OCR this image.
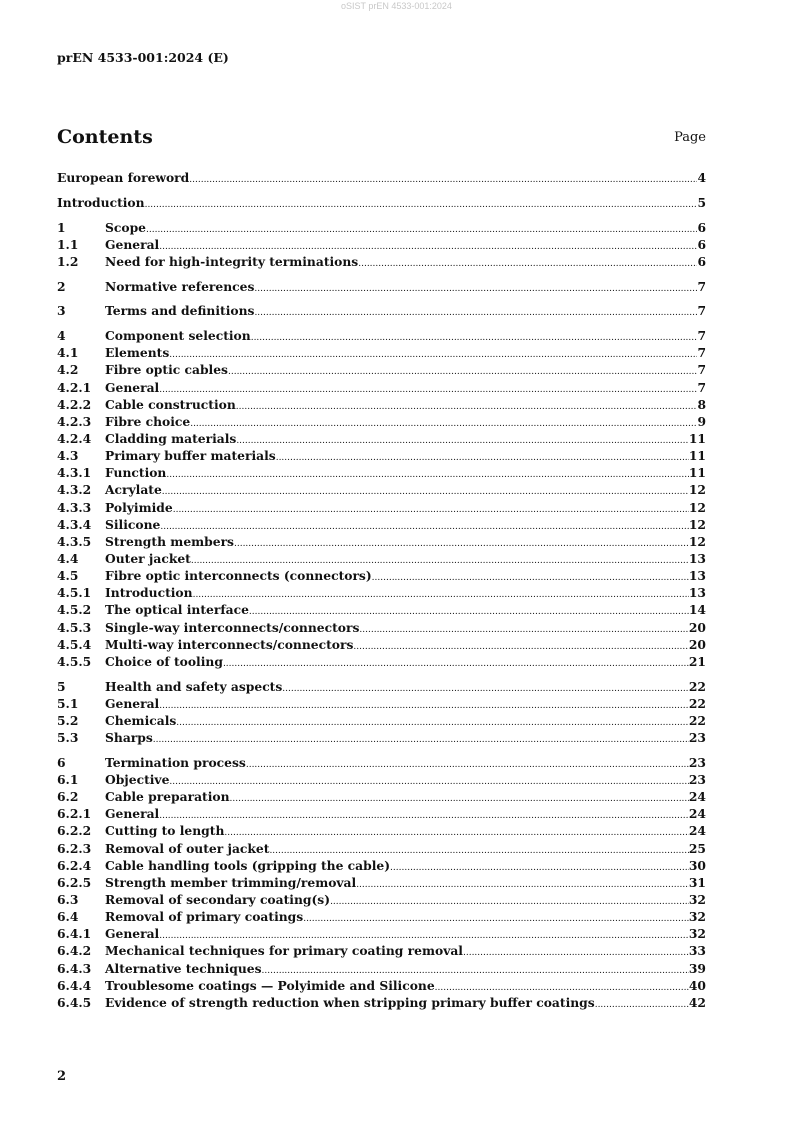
oSIST prEN 4533-001:2024
prEN 4533-001:2024 (E)
Contents	Page
European foreword .....	4
Introduction .....	5
1	Scope .....	6
1.1	General .....	6
1.2	Need for high-integrity terminations .....	6
2	Normative references .....	7
3	Terms and definitions .....	7
4	Component selection .....	7
4.1	Elements .....	7
4.2	Fibre optic cables .....	7
4.2.1	General .....	7
4.2.2	Cable construction .....	8
4.2.3	Fibre choice .....	9
4.2.4	Cladding materials .....	11
4.3	Primary buffer materials .....	11
4.3.1	Function .....	11
4.3.2	Acrylate .....	12
4.3.3	Polyimide .....	12
4.3.4	Silicone .....	12
4.3.5	Strength members .....	12
4.4	Outer jacket .....	13
4.5	Fibre optic interconnects (connectors) .....	13
4.5.1	Introduction .....	13
4.5.2	The optical interface .....	14
4.5.3	Single-way interconnects/connectors .....	20
4.5.4	Multi-way interconnects/connectors .....	20
4.5.5	Choice of tooling .....	21
5	Health and safety aspects .....	22
5.1	General .....	22
5.2	Chemicals .....	22
5.3	Sharps .....	23
6	Termination process .....	23
6.1	Objective .....	23
6.2	Cable preparation .....	24
6.2.1	General .....	24
6.2.2	Cutting to length .....	24
6.2.3	Removal of outer jacket .....	25
6.2.4	Cable handling tools (gripping the cable) .....	30
6.2.5	Strength member trimming/removal .....	31
6.3	Removal of secondary coating(s) .....	32
6.4	Removal of primary coatings .....	32
6.4.1	General .....	32
6.4.2	Mechanical techniques for primary coating removal .....	33
6.4.3	Alternative techniques .....	39
6.4.4	Troublesome coatings — Polyimide and Silicone .....	40
6.4.5	Evidence of strength reduction when stripping primary buffer coatings .....	42
2
